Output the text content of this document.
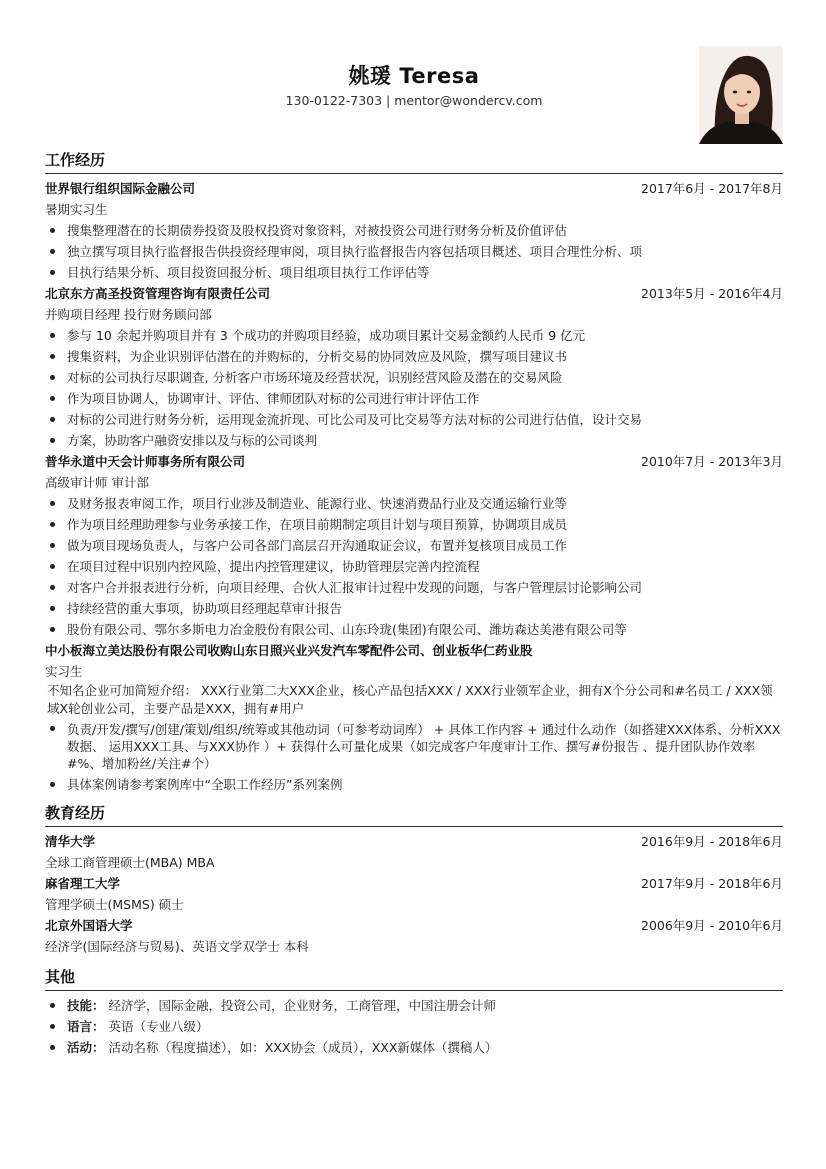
姚瑗 Teresa
130-0122-7303 | mentor@wondercv.com
工作经历
世界银行组织国际金融公司	2017年6月 - 2017年8月
暑期实习生
搜集整理潜在的长期债券投资及股权投资对象资料，对被投资公司进行财务分析及价值评估
独立撰写项目执行监督报告供投资经理审阅，项目执行监督报告内容包括项目概述、项目合理性分析、项
目执行结果分析、项目投资回报分析、项目组项目执行工作评估等
北京东方高圣投资管理咨询有限责任公司	2013年5月 - 2016年4月
并购项目经理 投行财务顾问部
参与 10 余起并购项目并有 3 个成功的并购项目经验，成功项目累计交易金额约人民币 9 亿元
搜集资料，为企业识别评估潜在的并购标的，分析交易的协同效应及风险，撰写项目建议书
对标的公司执行尽职调查, 分析客户市场环境及经营状况，识别经营风险及潜在的交易风险
作为项目协调人，协调审计、评估、律师团队对标的公司进行审计评估工作
对标的公司进行财务分析，运用现金流折现、可比公司及可比交易等方法对标的公司进行估值，设计交易
方案，协助客户融资安排以及与标的公司谈判
普华永道中天会计师事务所有限公司	2010年7月 - 2013年3月
高级审计师 审计部
及财务报表审阅工作，项目行业涉及制造业、能源行业、快速消费品行业及交通运输行业等
作为项目经理助理参与业务承接工作，在项目前期制定项目计划与项目预算，协调项目成员
做为项目现场负责人，与客户公司各部门高层召开沟通取证会议，布置并复核项目成员工作
在项目过程中识别内控风险，提出内控管理建议，协助管理层完善内控流程
对客户合并报表进行分析，向项目经理、合伙人汇报审计过程中发现的问题，与客户管理层讨论影响公司
持续经营的重大事项，协助项目经理起草审计报告
股份有限公司、鄂尔多斯电力冶金股份有限公司、山东玲珑(集团)有限公司、潍坊森达美港有限公司等
中小板海立美达股份有限公司收购山东日照兴业兴发汽车零配件公司、创业板华仁药业股
实习生
不知名企业可加简短介绍： XXX行业第二大XXX企业，核心产品包括XXX / XXX行业领军企业，拥有X个分公司和#名员工 / XXX领域X轮创业公司，主要产品是XXX，拥有#用户
负责/开发/撰写/创建/策划/组织/统筹或其他动词（可参考动词库） + 具体工作内容 + 通过什么动作（如搭建XXX体系、分析XXX数据、 运用XXX工具、与XXX协作 ）+ 获得什么可量化成果（如完成客户年度审计工作、撰写#份报告 、提升团队协作效率#%、增加粉丝/关注#个）
具体案例请参考案例库中“全职工作经历”系列案例
教育经历
清华大学	2016年9月 - 2018年6月
全球工商管理硕士(MBA) MBA
麻省理工大学	2017年9月 - 2018年6月
管理学硕士(MSMS) 硕士
北京外国语大学	2006年9月 - 2010年6月
经济学(国际经济与贸易)、英语文学双学士 本科
其他
技能： 经济学，国际金融，投资公司，企业财务，工商管理，中国注册会计师
语言： 英语（专业八级）
活动： 活动名称（程度描述），如：XXX协会（成员），XXX新媒体（撰稿人）
